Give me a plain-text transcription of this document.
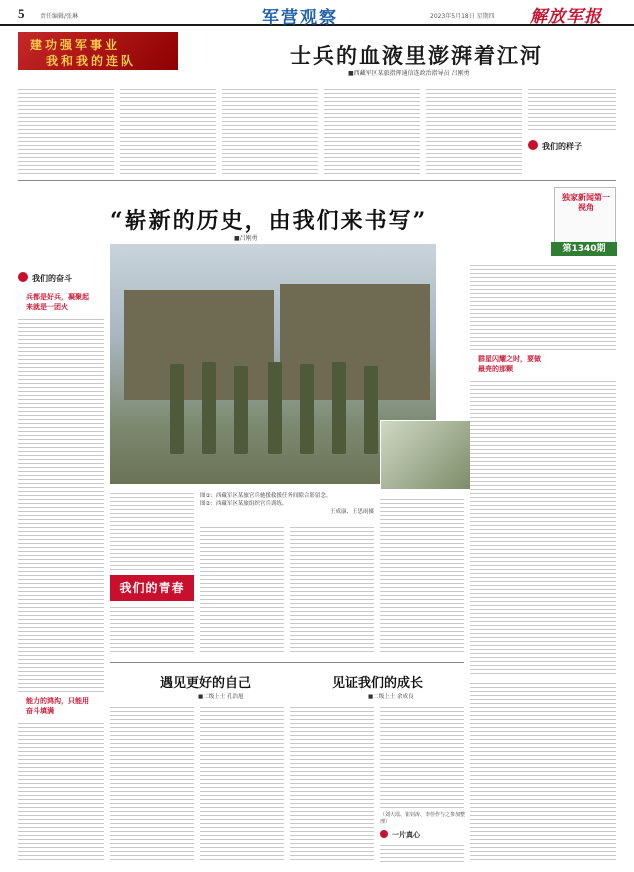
5	责任编辑/张琳	军营观察	2023年5月18日 星期四 解放军报
建功强军事业
我和我的连队	士兵的血液里澎湃着江河
■西藏军区某旅指挥通信连政治指导员 吕刚勇
我们的样子
独家新闻第一视角
第1340期
“崭新的历史，由我们来书写”
■吕刚勇
我们的奋斗
兵都是好兵，凝聚起
来就是一团火
能力的鸿沟，只能用
奋斗填满
图①：西藏军区某旅官兵驰援救援任务间隙合影留念。图②：西藏军区某旅组织官兵训练。
王成康、王思雨摄
我们的青春
群星闪耀之时，要做
最亮的那颗
遇见更好的自己
■二级上士 孔浩旭
见证我们的成长
■二级上士 余成良
（刘大瑶、崔钊涛、李佳作与之参加整理）
一片真心
